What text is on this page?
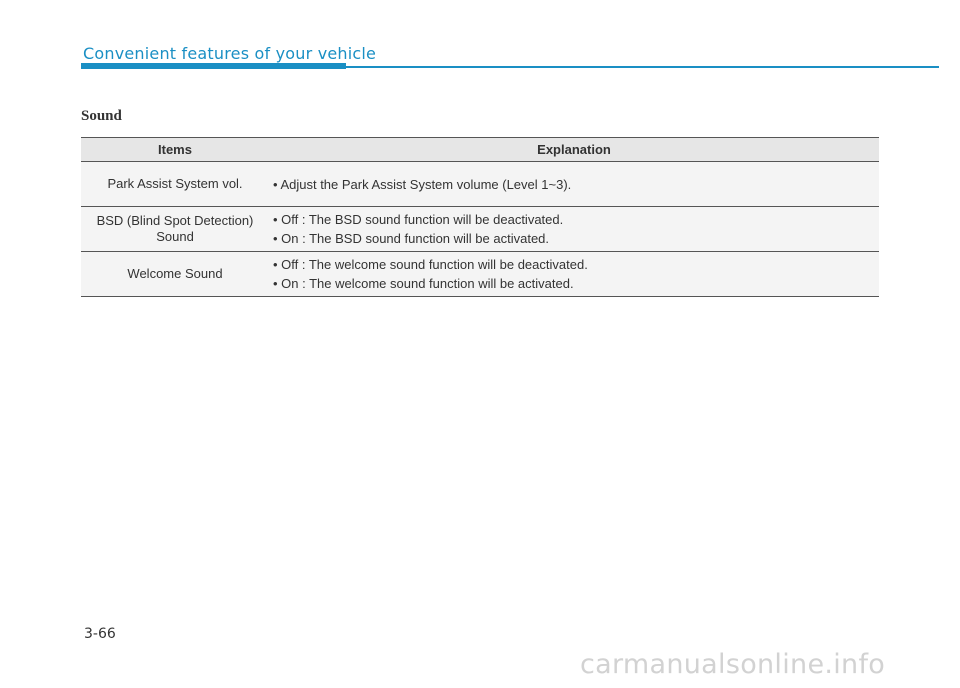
Convenient features of your vehicle
Sound
Items	Explanation
Park Assist System vol.	• Adjust the Park Assist System volume (Level 1~3).

BSD (Blind Spot Detection) Sound	• Off : The BSD sound function will be deactivated.

• On : The BSD sound function will be activated.

Welcome Sound	• Off : The welcome sound function will be deactivated.

• On : The welcome sound function will be activated.

3-66
carmanualsonline.info
